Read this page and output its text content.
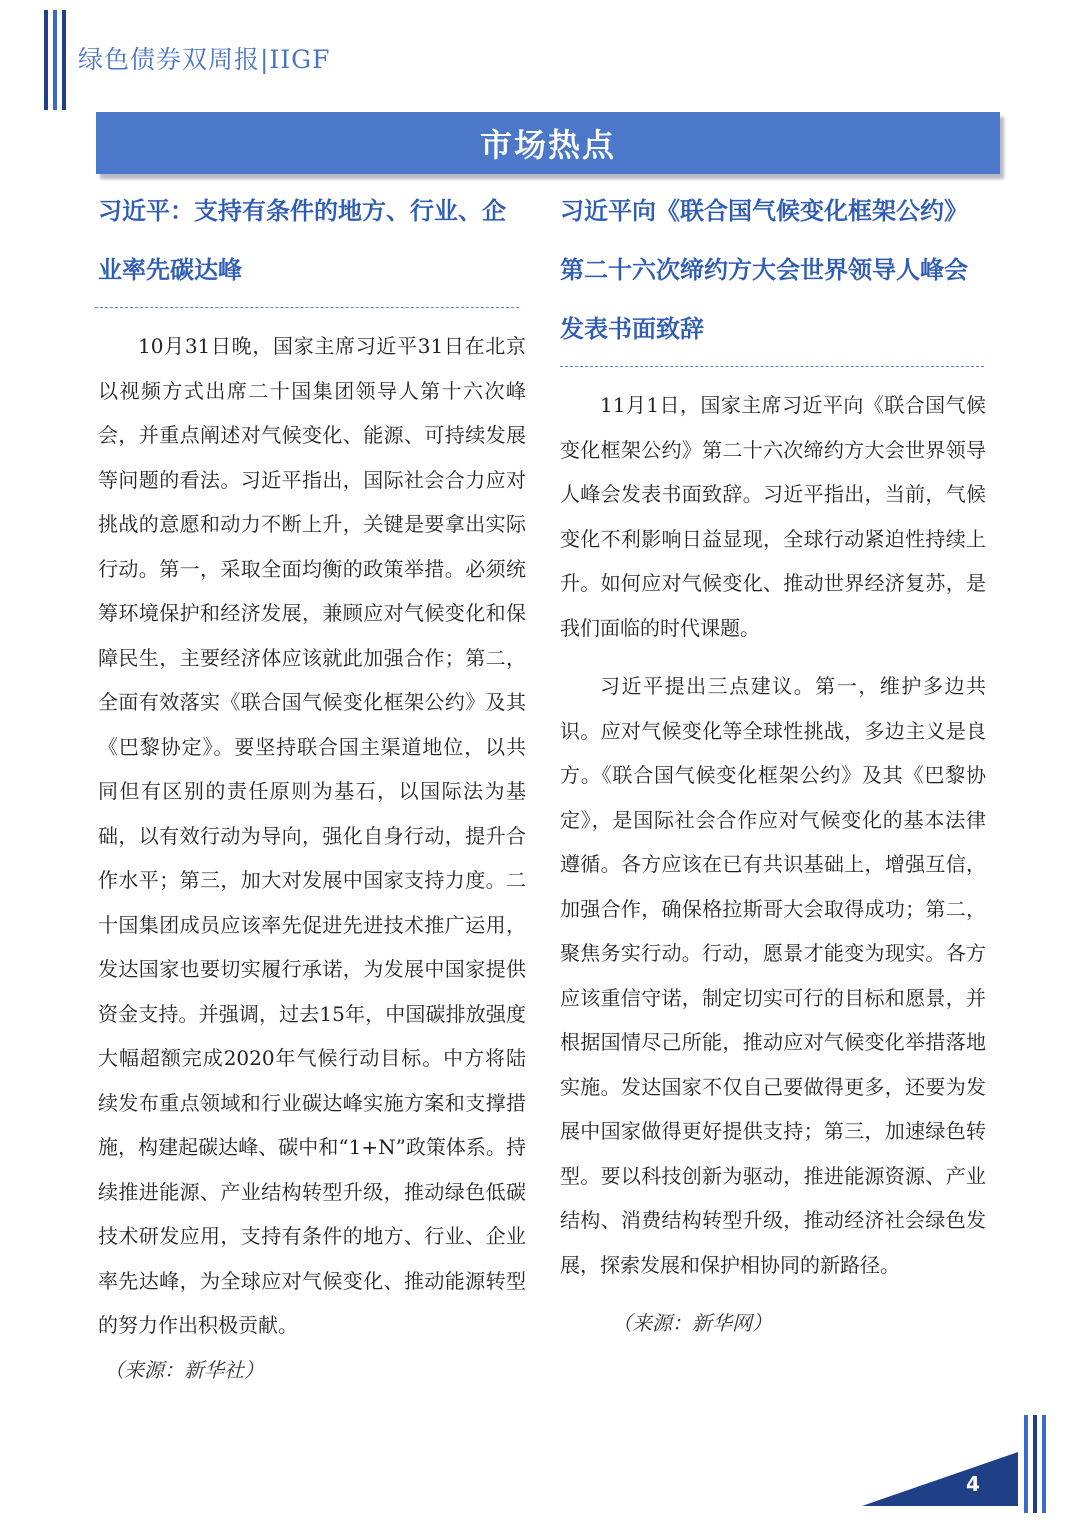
绿色债券双周报|IIGF
市场热点
习近平：支持有条件的地方、行业、企业率先碳达峰

10月31日晚，国家主席习近平31日在北京以视频方式出席二十国集团领导人第十六次峰会，并重点阐述对气候变化、能源、可持续发展等问题的看法。习近平指出，国际社会合力应对挑战的意愿和动力不断上升，关键是要拿出实际行动。第一，采取全面均衡的政策举措。必须统筹环境保护和经济发展，兼顾应对气候变化和保障民生，主要经济体应该就此加强合作；第二，全面有效落实《联合国气候变化框架公约》及其《巴黎协定》。要坚持联合国主渠道地位，以共同但有区别的责任原则为基石，以国际法为基础，以有效行动为导向，强化自身行动，提升合作水平；第三，加大对发展中国家支持力度。二十国集团成员应该率先促进先进技术推广运用，发达国家也要切实履行承诺，为发展中国家提供资金支持。并强调，过去15年，中国碳排放强度大幅超额完成2020年气候行动目标。中方将陆续发布重点领域和行业碳达峰实施方案和支撑措施，构建起碳达峰、碳中和“1+N”政策体系。持续推进能源、产业结构转型升级，推动绿色低碳技术研发应用，支持有条件的地方、行业、企业率先达峰，为全球应对气候变化、推动能源转型的努力作出积极贡献。

（来源：新华社）

习近平向《联合国气候变化框架公约》第二十六次缔约方大会世界领导人峰会发表书面致辞

11月1日，国家主席习近平向《联合国气候变化框架公约》第二十六次缔约方大会世界领导人峰会发表书面致辞。习近平指出，当前，气候变化不利影响日益显现，全球行动紧迫性持续上升。如何应对气候变化、推动世界经济复苏，是我们面临的时代课题。

习近平提出三点建议。第一，维护多边共识。应对气候变化等全球性挑战，多边主义是良方。《联合国气候变化框架公约》及其《巴黎协定》，是国际社会合作应对气候变化的基本法律遵循。各方应该在已有共识基础上，增强互信，加强合作，确保格拉斯哥大会取得成功；第二，聚焦务实行动。行动，愿景才能变为现实。各方应该重信守诺，制定切实可行的目标和愿景，并根据国情尽己所能，推动应对气候变化举措落地实施。发达国家不仅自己要做得更多，还要为发展中国家做得更好提供支持；第三，加速绿色转型。要以科技创新为驱动，推进能源资源、产业结构、消费结构转型升级，推动经济社会绿色发展，探索发展和保护相协同的新路径。

（来源：新华网）

4
